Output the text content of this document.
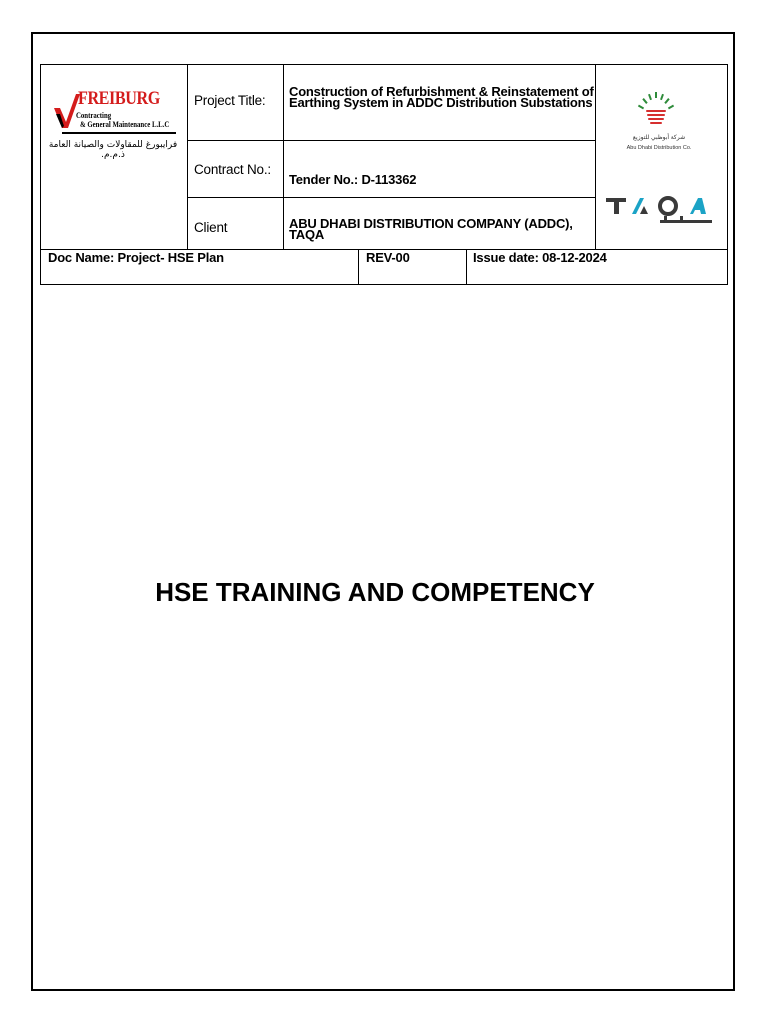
FREIBURG
Contracting
& General Maintenance L.L.C
فرايبورغ للمقاولات والصيانة العامة ذ.م.م.
Project Title:
Contract No.:
Client
Construction of Refurbishment & Reinstatement of Earthing System in ADDC Distribution Substations
Tender No.: D-113362
ABU DHABI DISTRIBUTION COMPANY (ADDC), TAQA
شركة أبوظبي للتوزيع
Abu Dhabi Distribution Co.
Doc Name: Project- HSE Plan	REV-00	Issue date: 08-12-2024
HSE TRAINING AND COMPETENCY
